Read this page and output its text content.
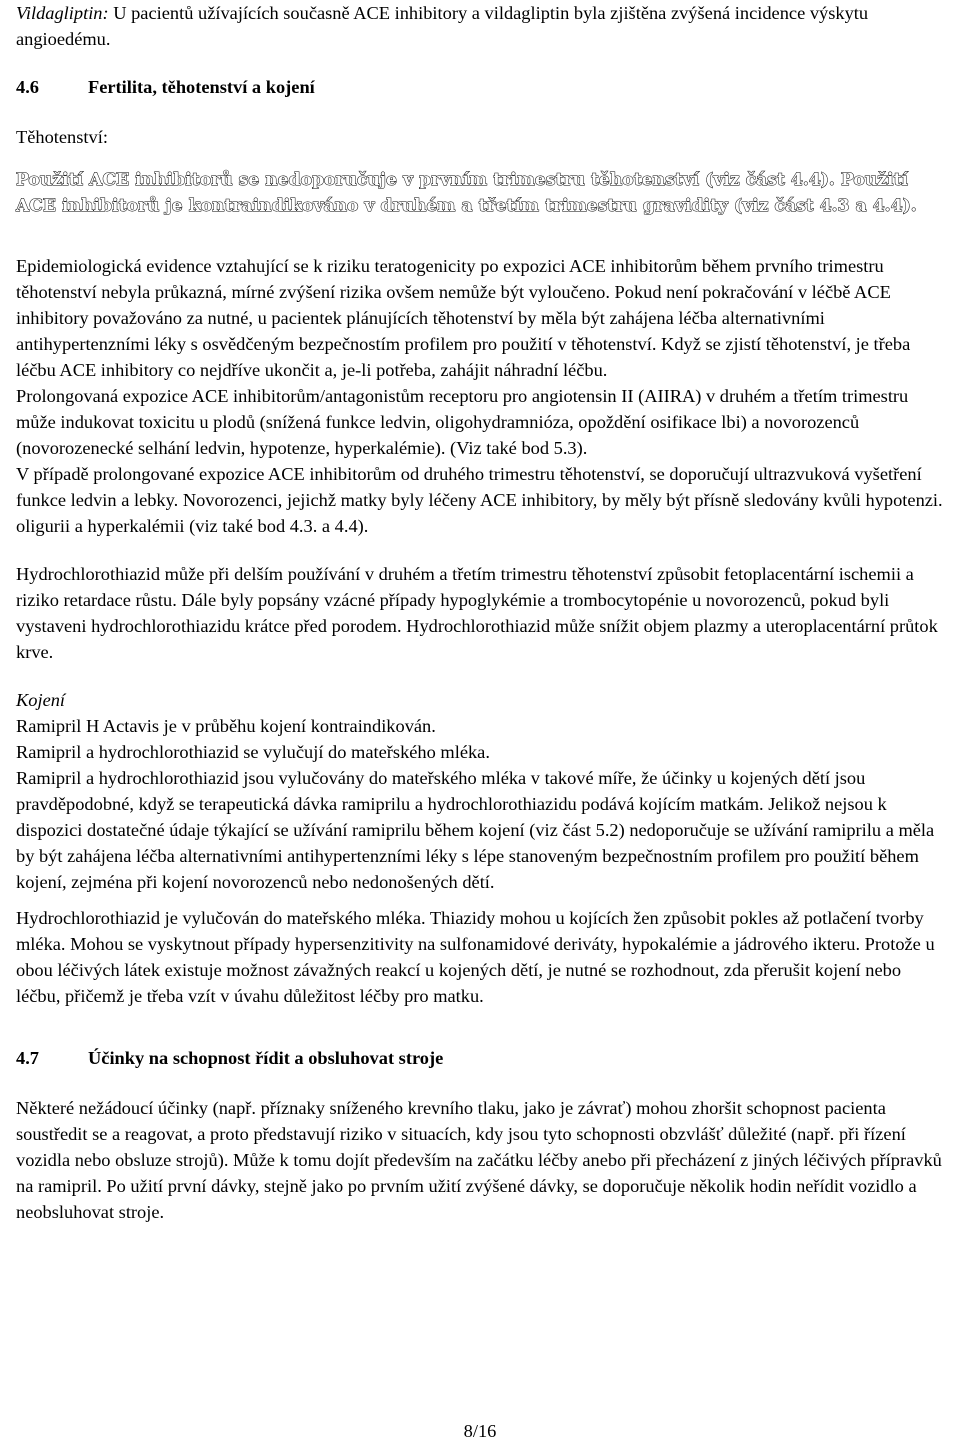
Vildagliptin: U pacientů užívajících současně ACE inhibitory a vildagliptin byla zjištěna zvýšená incidence výskytu angioedému.

4.6	Fertilita, těhotenství a kojení

Těhotenství:

Použití ACE inhibitorů se nedoporučuje v prvním trimestru těhotenství (viz část 4.4). Použití ACE inhibitorů je kontraindikováno v druhém a třetím trimestru gravidity (viz část 4.3 a 4.4).

Epidemiologická evidence vztahující se k riziku teratogenicity po expozici ACE inhibitorům během prvního trimestru těhotenství nebyla průkazná, mírné zvýšení rizika ovšem nemůže být vyloučeno. Pokud není pokračování v léčbě ACE inhibitory považováno za nutné, u pacientek plánujících těhotenství by měla být zahájena léčba alternativními antihypertenzními léky s osvědčeným bezpečnostím profilem pro použití v těhotenství. Když se zjistí těhotenství, je třeba léčbu ACE inhibitory co nejdříve ukončit a, je-li potřeba, zahájit náhradní léčbu.

Prolongovaná expozice ACE inhibitorům/antagonistům receptoru pro angiotensin II (AIIRA) v druhém a třetím trimestru může indukovat toxicitu u plodů (snížená funkce ledvin, oligohydramnióza, opoždění osifikace lbi) a novorozenců (novorozenecké selhání ledvin, hypotenze, hyperkalémie). (Viz také bod 5.3).

V případě prolongované expozice ACE inhibitorům od druhého trimestru těhotenství, se doporučují ultrazvuková vyšetření funkce ledvin a lebky. Novorozenci, jejichž matky byly léčeny ACE inhibitory, by měly být přísně sledovány kvůli hypotenzi. oligurii a hyperkalémii (viz také bod 4.3. a 4.4).

Hydrochlorothiazid může při delším používání v druhém a třetím trimestru těhotenství způsobit fetoplacentární ischemii a riziko retardace růstu. Dále byly popsány vzácné případy hypoglykémie a trombocytopénie u novorozenců, pokud byli vystaveni hydrochlorothiazidu krátce před porodem. Hydrochlorothiazid může snížit objem plazmy a uteroplacentární průtok krve.

Kojení

Ramipril H Actavis je v průběhu kojení kontraindikován.

Ramipril a hydrochlorothiazid se vylučují do mateřského mléka.

Ramipril a hydrochlorothiazid jsou vylučovány do mateřského mléka v takové míře, že účinky u kojených dětí jsou pravděpodobné, když se terapeutická dávka ramiprilu a hydrochlorothiazidu podává kojícím matkám. Jelikož nejsou k dispozici dostatečné údaje týkající se užívání ramiprilu během kojení (viz část 5.2) nedoporučuje se užívání ramiprilu a měla by být zahájena léčba alternativními antihypertenzními léky s lépe stanoveným bezpečnostním profilem pro použití během kojení, zejména při kojení novorozenců nebo nedonošených dětí.

Hydrochlorothiazid je vylučován do mateřského mléka. Thiazidy mohou u kojících žen způsobit pokles až potlačení tvorby mléka. Mohou se vyskytnout případy hypersenzitivity na sulfonamidové deriváty, hypokalémie a jádrového ikteru. Protože u obou léčivých látek existuje možnost závažných reakcí u kojených dětí, je nutné se rozhodnout, zda přerušit kojení nebo léčbu, přičemž je třeba vzít v úvahu důležitost léčby pro matku.

4.7	Účinky na schopnost řídit a obsluhovat stroje

Některé nežádoucí účinky (např. příznaky sníženého krevního tlaku, jako je závrať) mohou zhoršit schopnost pacienta soustředit se a reagovat, a proto představují riziko v situacích, kdy jsou tyto schopnosti obzvlášť důležité (např. při řízení vozidla nebo obsluze strojů). Může k tomu dojít především na začátku léčby anebo při přecházení z jiných léčivých přípravků na ramipril. Po užití první dávky, stejně jako po prvním užití zvýšené dávky, se doporučuje několik hodin neřídit vozidlo a neobsluhovat stroje.

8/16
